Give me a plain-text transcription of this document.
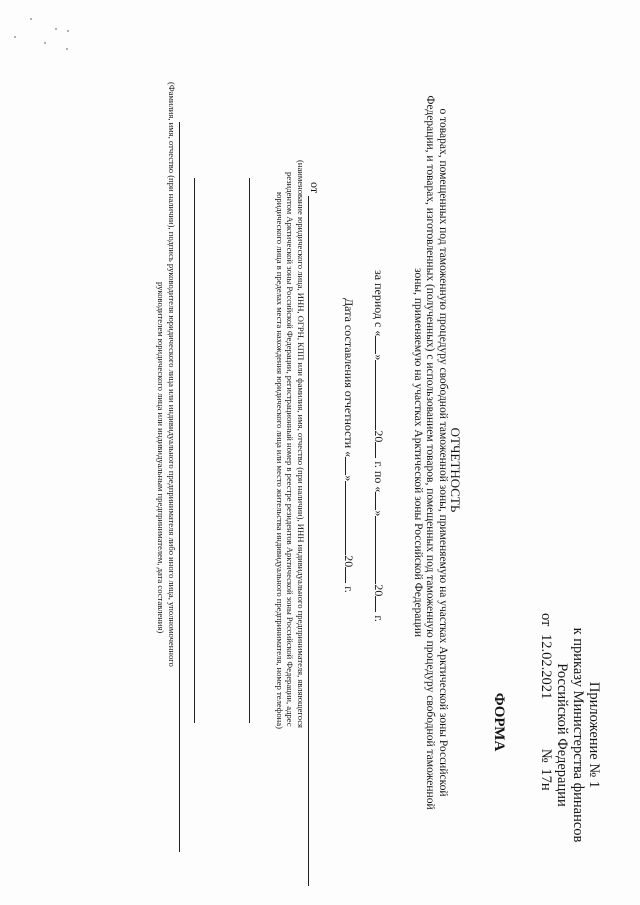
Приложение № 1
к приказу Министерства финансов
Российской Федерации
от 12.02.2021 № 17н
ФОРМА
ОТЧЕТНОСТЬ
о товарах, помещенных под таможенную процедуру свободной таможенной зоны, применяемую на участках Арктической зоны Российской
Федерации, и товарах, изготовленных (полученных) с использованием товаров, помещенных под таможенную процедуру свободной таможенной
зоны, применяемую на участках Арктической зоны Российской Федерации
за период с «»20 г. по «»20 г.
Дата составления отчетности «»20 г.
от
(наименование юридического лица, ИНН, ОГРН, КПП или фамилия, имя, отчество (при наличии), ИНН индивидуального предпринимателя, являющегося
резидентом Арктической зоны Российской Федерации, регистрационный номер в реестре резидентов Арктической зоны Российской Федерации, адрес
юридического лица в пределах места нахождения юридического лица или место жительства индивидуального предпринимателя, номер телефона)
(Фамилия, имя, отчество (при наличии), подпись руководителя юридического лица или индивидуального предпринимателя либо иного лица, уполномоченного
руководителем юридического лица или индивидуальным предпринимателем, дата составления)
